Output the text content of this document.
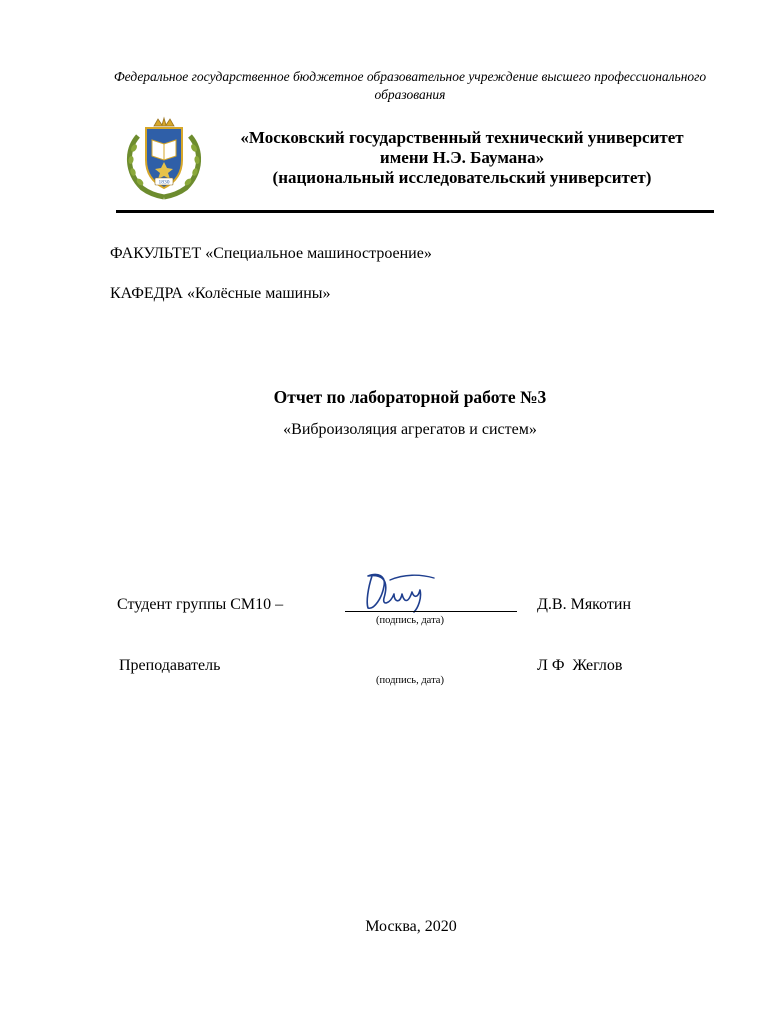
Федеральное государственное бюджетное образовательное учреждение высшего профессионального образования
1830
«Московский государственный технический университет
имени Н.Э. Баумана»
(национальный исследовательский университет)
ФАКУЛЬТЕТ «Специальное машиностроение»
КАФЕДРА «Колёсные машины»
Отчет по лабораторной работе №3
«Виброизоляция агрегатов и систем»
Студент группы СМ10 –
(подпись, дата)
Д.В. Мякотин
Преподаватель
(подпись, дата)
Л Ф  Жеглов
Москва, 2020
